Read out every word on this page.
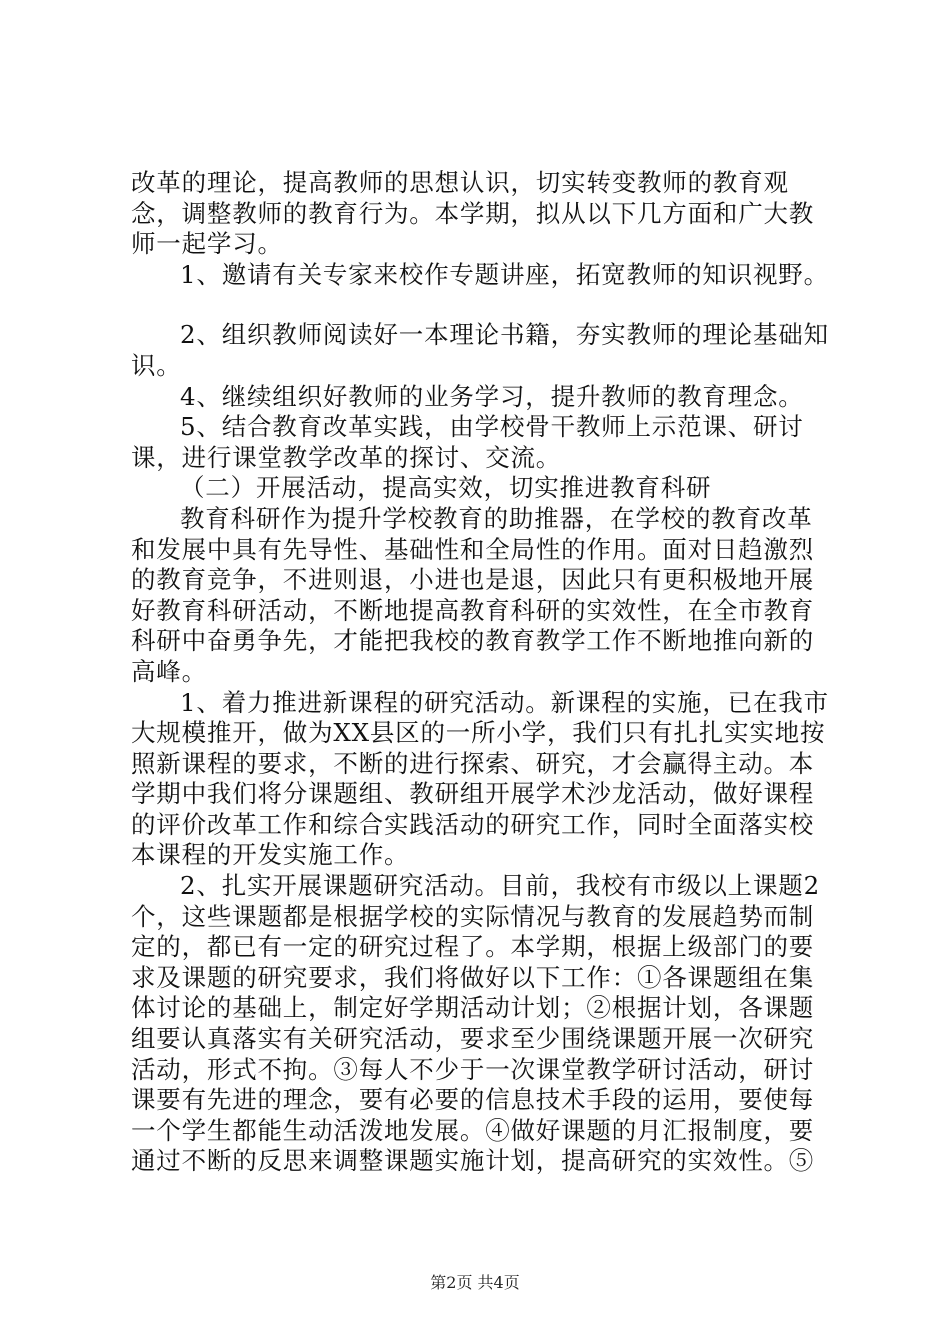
改革的理论，提高教师的思想认识，切实转变教师的教育观念，调整教师的教育行为。本学期，拟从以下几方面和广大教师一起学习。

1、邀请有关专家来校作专题讲座，拓宽教师的知识视野。

2、组织教师阅读好一本理论书籍，夯实教师的理论基础知识。

4、继续组织好教师的业务学习，提升教师的教育理念。

5、结合教育改革实践，由学校骨干教师上示范课、研讨课，进行课堂教学改革的探讨、交流。

（二）开展活动，提高实效，切实推进教育科研

教育科研作为提升学校教育的助推器，在学校的教育改革和发展中具有先导性、基础性和全局性的作用。面对日趋激烈的教育竞争，不进则退，小进也是退，因此只有更积极地开展好教育科研活动，不断地提高教育科研的实效性，在全市教育科研中奋勇争先，才能把我校的教育教学工作不断地推向新的高峰。

1、着力推进新课程的研究活动。新课程的实施，已在我市大规模推开，做为XX县区的一所小学，我们只有扎扎实实地按照新课程的要求，不断的进行探索、研究，才会赢得主动。本学期中我们将分课题组、教研组开展学术沙龙活动，做好课程的评价改革工作和综合实践活动的研究工作，同时全面落实校本课程的开发实施工作。

2、扎实开展课题研究活动。目前，我校有市级以上课题2个，这些课题都是根据学校的实际情况与教育的发展趋势而制定的，都已有一定的研究过程了。本学期，根据上级部门的要求及课题的研究要求，我们将做好以下工作：①各课题组在集体讨论的基础上，制定好学期活动计划；②根据计划，各课题组要认真落实有关研究活动，要求至少围绕课题开展一次研究活动，形式不拘。③每人不少于一次课堂教学研讨活动，研讨课要有先进的理念，要有必要的信息技术手段的运用，要使每一个学生都能生动活泼地发展。④做好课题的月汇报制度，要通过不断的反思来调整课题实施计划，提高研究的实效性。⑤

第2页 共4页
